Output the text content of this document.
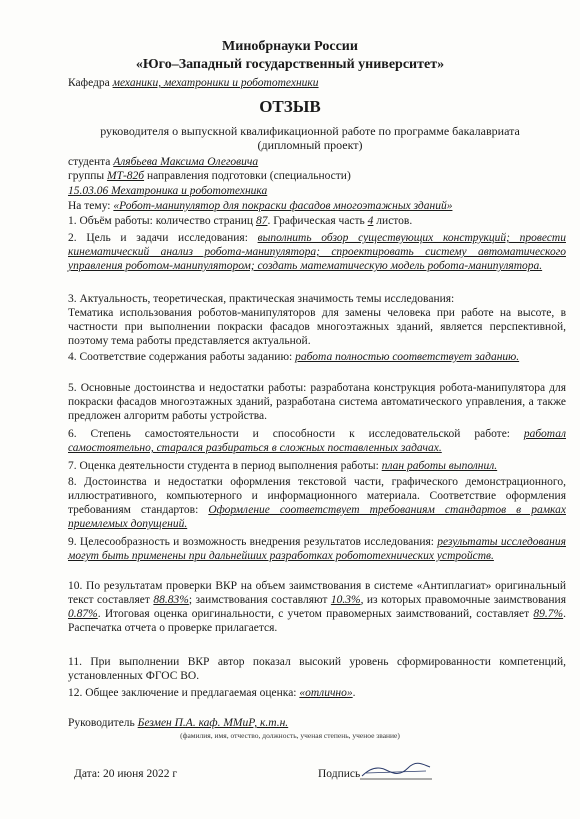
Минобрнауки России
«Юго–Западный государственный университет»
Кафедра механики, мехатроники и робототехники
ОТЗЫВ
руководителя о выпускной квалификационной работе по программе бакалавриата
(дипломный проект)
студента Алябьева Максима Олеговича
группы МТ-82б направления подготовки (специальности)
15.03.06 Мехатроника и робототехника
На тему: «Робот-манипулятор для покраски фасадов многоэтажных зданий»
1. Объём работы: количество страниц 87. Графическая часть 4 листов.
2. Цель и задачи исследования: выполнить обзор существующих конструкций; провести кинематический анализ робота-манипулятора; спроектировать систему автоматического управления роботом-манипулятором; создать математическую модель робота-манипулятора.
3. Актуальность, теоретическая, практическая значимость темы исследования:
Тематика использования роботов-манипуляторов для замены человека при работе на высоте, в частности при выполнении покраски фасадов многоэтажных зданий, является перспективной, поэтому тема работы представляется актуальной.
4. Соответствие содержания работы заданию: работа полностью соответствует заданию.
5. Основные достоинства и недостатки работы: разработана конструкция робота-манипулятора для покраски фасадов многоэтажных зданий, разработана система автоматического управления, а также предложен алгоритм работы устройства.
6. Степень самостоятельности и способности к исследовательской работе: работал самостоятельно, старался разбираться в сложных поставленных задачах.
7. Оценка деятельности студента в период выполнения работы: план работы выполнил.
8. Достоинства и недостатки оформления текстовой части, графического демонстрационного, иллюстративного, компьютерного и информационного материала. Соответствие оформления требованиям стандартов: Оформление соответствует требованиям стандартов в рамках приемлемых допущений.
9. Целесообразность и возможность внедрения результатов исследования: результаты исследования могут быть применены при дальнейших разработках робототехнических устройств.
10. По результатам проверки ВКР на объем заимствования в системе «Антиплагиат» оригинальный текст составляет 88.83%; заимствования составляют 10.3%, из которых правомочные заимствования 0.87%. Итоговая оценка оригинальности, с учетом правомерных заимствований, составляет 89.7%. Распечатка отчета о проверке прилагается.
11. При выполнении ВКР автор показал высокий уровень сформированности компетенций, установленных ФГОС ВО.
12. Общее заключение и предлагаемая оценка: «отлично».
Руководитель Безмен П.А. каф. ММиР, к.т.н.
(фамилия, имя, отчество, должность, ученая степень, ученое звание)
Дата: 20 июня 2022 г	Подпись
